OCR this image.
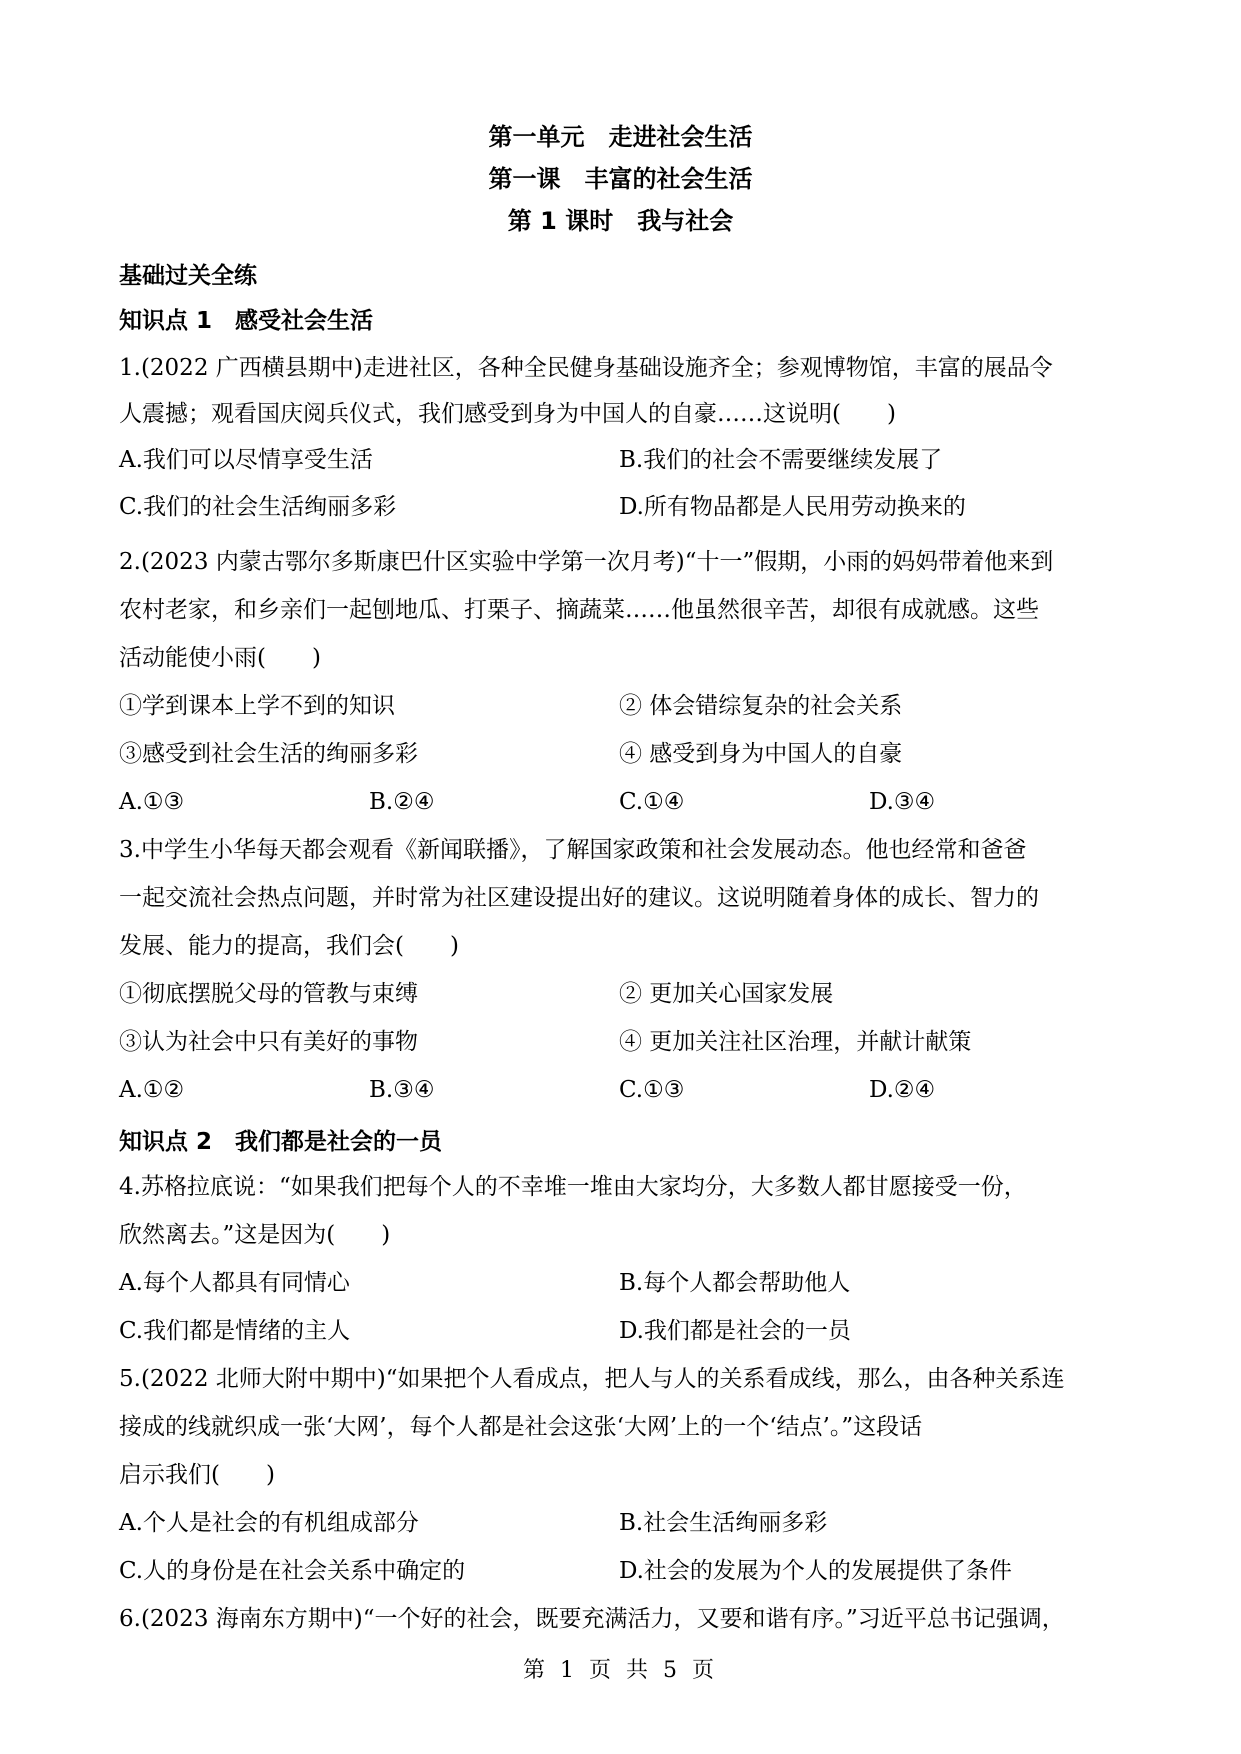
第一单元　走进社会生活
第一课　丰富的社会生活
第 1 课时　我与社会
基础过关全练
知识点 1　感受社会生活
1.(2022 广西横县期中)走进社区，各种全民健身基础设施齐全；参观博物馆，丰富的展品令
人震撼；观看国庆阅兵仪式，我们感受到身为中国人的自豪……这说明(　　)
A.我们可以尽情享受生活	B.我们的社会不需要继续发展了
C.我们的社会生活绚丽多彩	D.所有物品都是人民用劳动换来的
2.(2023 内蒙古鄂尔多斯康巴什区实验中学第一次月考)“十一”假期，小雨的妈妈带着他来到
农村老家，和乡亲们一起刨地瓜、打栗子、摘蔬菜……他虽然很辛苦，却很有成就感。这些
活动能使小雨(　　)
①学到课本上学不到的知识	② 体会错综复杂的社会关系
③感受到社会生活的绚丽多彩	④ 感受到身为中国人的自豪
A.①③	B.②④	C.①④	D.③④
3.中学生小华每天都会观看《新闻联播》，了解国家政策和社会发展动态。他也经常和爸爸
一起交流社会热点问题，并时常为社区建设提出好的建议。这说明随着身体的成长、智力的
发展、能力的提高，我们会(　　)
①彻底摆脱父母的管教与束缚	② 更加关心国家发展
③认为社会中只有美好的事物	④ 更加关注社区治理，并献计献策
A.①②	B.③④	C.①③	D.②④
知识点 2　我们都是社会的一员
4.苏格拉底说：“如果我们把每个人的不幸堆一堆由大家均分，大多数人都甘愿接受一份，
欣然离去。”这是因为(　　)
A.每个人都具有同情心	B.每个人都会帮助他人
C.我们都是情绪的主人	D.我们都是社会的一员
5.(2022 北师大附中期中)“如果把个人看成点，把人与人的关系看成线，那么，由各种关系连
接成的线就织成一张‘大网’，每个人都是社会这张‘大网’上的一个‘结点’。”这段话
启示我们(　　)
A.个人是社会的有机组成部分	B.社会生活绚丽多彩
C.人的身份是在社会关系中确定的	D.社会的发展为个人的发展提供了条件
6.(2023 海南东方期中)“一个好的社会，既要充满活力，又要和谐有序。”习近平总书记强调，
第 1 页 共 5 页
